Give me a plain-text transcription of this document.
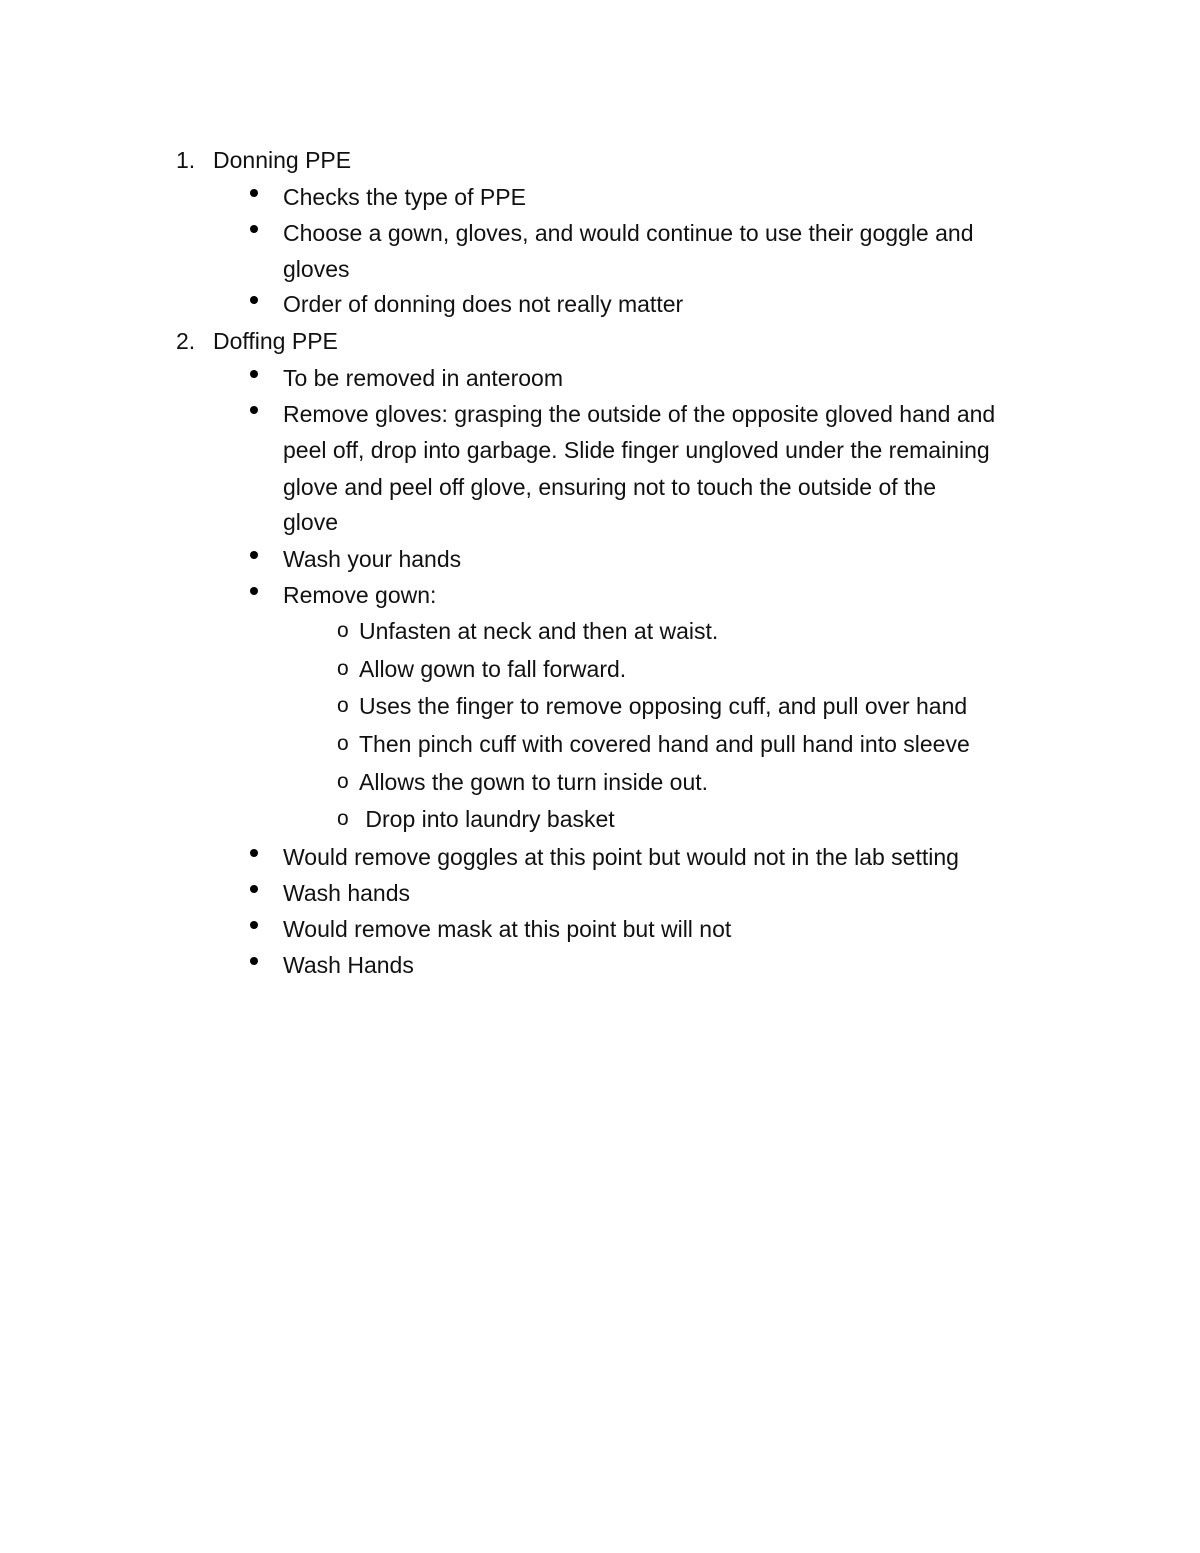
1. Donning PPE
Checks the type of PPE
Choose a gown, gloves, and would continue to use their goggle and
gloves
Order of donning does not really matter
2. Doffing PPE
To be removed in anteroom
Remove gloves: grasping the outside of the opposite gloved hand and
peel off, drop into garbage. Slide finger ungloved under the remaining
glove and peel off glove, ensuring not to touch the outside of the
glove
Wash your hands
Remove gown:
o Unfasten at neck and then at waist.
o Allow gown to fall forward.
o Uses the finger to remove opposing cuff, and pull over hand
o Then pinch cuff with covered hand and pull hand into sleeve
o Allows the gown to turn inside out.
o Drop into laundry basket
Would remove goggles at this point but would not in the lab setting
Wash hands
Would remove mask at this point but will not
Wash Hands
